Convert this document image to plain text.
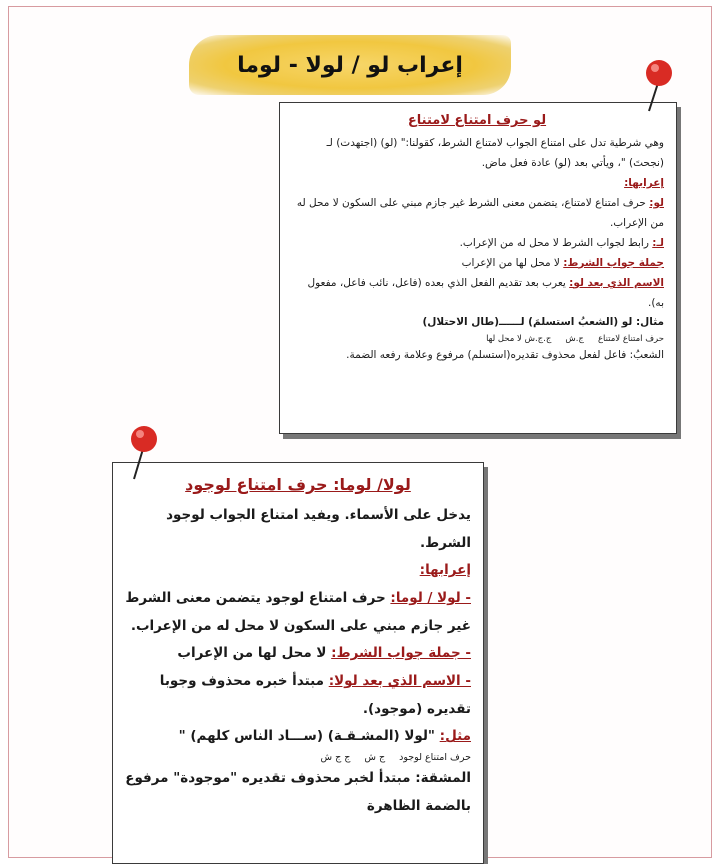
إعراب لو / لولا - لوما
لو حرف امتناع لامتناع

وهي شرطية تدل على امتناع الجواب لامتناع الشرط، كقولنا:" (لو) (اجتهدت) لـ (نجحتَ) "، ويأتي بعد (لو) عادة فعل ماض.

إعرابها:

لو: حرف امتناع لامتناع، يتضمن معنى الشرط غير جازم مبني على السكون لا محل له من الإعراب.

لـ: رابط لجواب الشرط لا محل له من الإعراب.

جملة جواب الشرط: لا محل لها من الإعراب

الاسم الذي بعد لو: يعرب بعد تقديم الفعل الذي بعده (فاعل، نائب فاعل، مفعول به).

مثال: لو (الشعبُ استسلمَ) لــــــ(طال الاحتلال)

حرف امتناع لامتناع
ج.ش
ج.ج.ش لا محل لها

الشعبُ: فاعل لفعل محذوف تقديره(استسلم) مرفوع وعلامة رفعه الضمة.

لولا/ لوما: حرف امتناع لوجود

يدخل على الأسماء. ويفيد امتناع الجواب لوجود الشرط.

إعرابها:

- لولا / لوما: حرف امتناع لوجود يتضمن معنى الشرط غير جازم مبني على السكون لا محل له من الإعراب.

- جملة جواب الشرط: لا محل لها من الإعراب

- الاسم الذي بعد لولا: مبتدأ خبره محذوف وجوبا تقديره (موجود).

مثل: "لولا (المشـقـة) (ســـاد الناس كلهم) "

حرف امتناع لوجود
ج ش
ج ج ش

المشقة: مبتدأ لخبر محذوف تقديره "موجودة" مرفوع بالضمة الظاهرة
